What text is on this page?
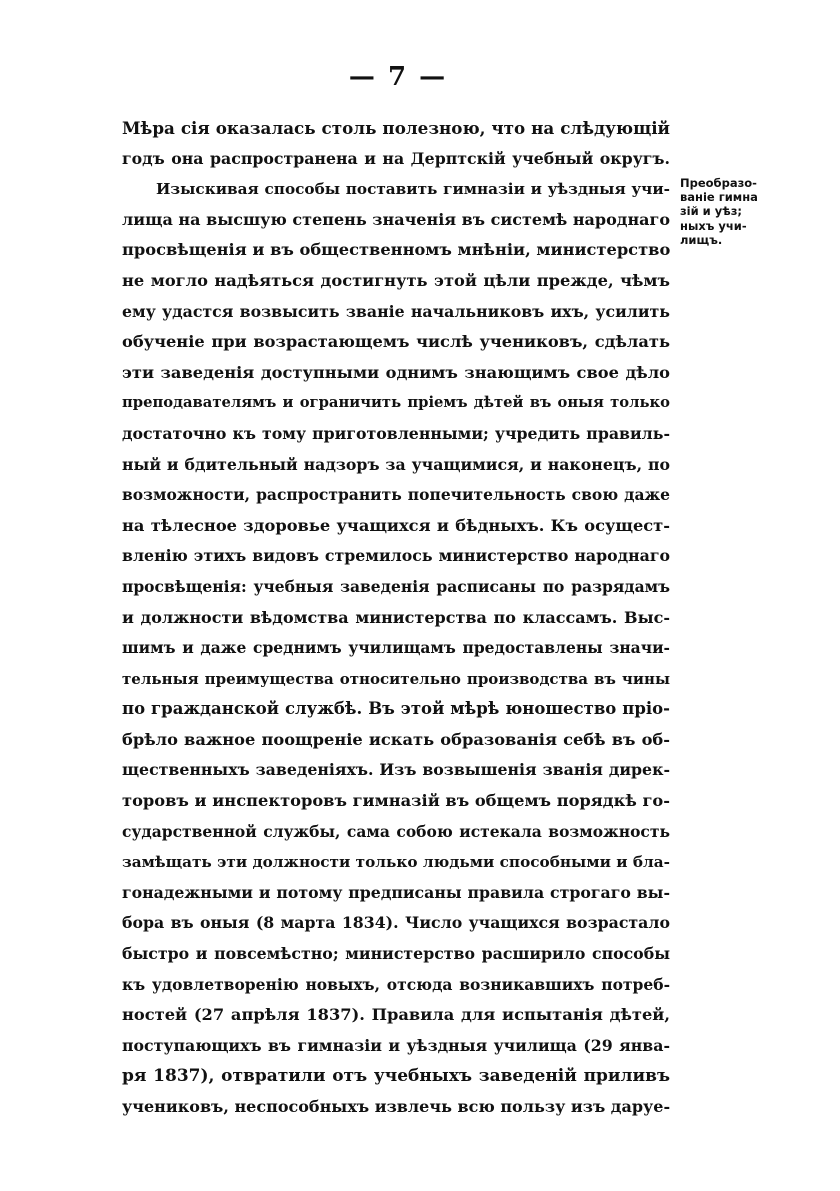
— 7 —
Мѣра сія оказалась столь полезною, что на слѣдующій
годъ она распространена и на Дерптскій учебный округъ.
Изыскивая способы поставить гимназіи и уѣздныя учи-
лища на высшую степень значенія въ системѣ народнаго
просвѣщенія и въ общественномъ мнѣніи, министерство
не могло надѣяться достигнуть этой цѣли прежде, чѣмъ
ему удастся возвысить званіе начальниковъ ихъ, усилить
обученіе при возрастающемъ числѣ учениковъ, сдѣлать
эти заведенія доступными однимъ знающимъ свое дѣло
преподавателямъ и ограничить пріемъ дѣтей въ оныя только
достаточно къ тому приготовленными; учредить правиль-
ный и бдительный надзоръ за учащимися, и наконецъ, по
возможности, распространить попечительность свою даже
на тѣлесное здоровье учащихся и бѣдныхъ. Къ осущест-
вленію этихъ видовъ стремилось министерство народнаго
просвѣщенія: учебныя заведенія расписаны по разрядамъ
и должности вѣдомства министерства по классамъ. Выс-
шимъ и даже среднимъ училищамъ предоставлены значи-
тельныя преимущества относительно производства въ чины
по гражданской службѣ. Въ этой мѣрѣ юношество пріо-
брѣло важное поощреніе искать образованія себѣ въ об-
щественныхъ заведеніяхъ. Изъ возвышенія званія дирек-
торовъ и инспекторовъ гимназій въ общемъ порядкѣ го-
сударственной службы, сама собою истекала возможность
замѣщать эти должности только людьми способными и бла-
гонадежными и потому предписаны правила строгаго вы-
бора въ оныя (8 марта 1834). Число учащихся возрастало
быстро и повсемѣстно; министерство расширило способы
къ удовлетворенію новыхъ, отсюда возникавшихъ потреб-
ностей (27 апрѣля 1837). Правила для испытанія дѣтей,
поступающихъ въ гимназіи и уѣздныя училища (29 янва-
ря 1837), отвратили отъ учебныхъ заведеній приливъ
учениковъ, неспособныхъ извлечь всю пользу изъ даруе-
Преобразо-
ваніе гимна
зій и уѣз;
ныхъ учи-
лищъ.
